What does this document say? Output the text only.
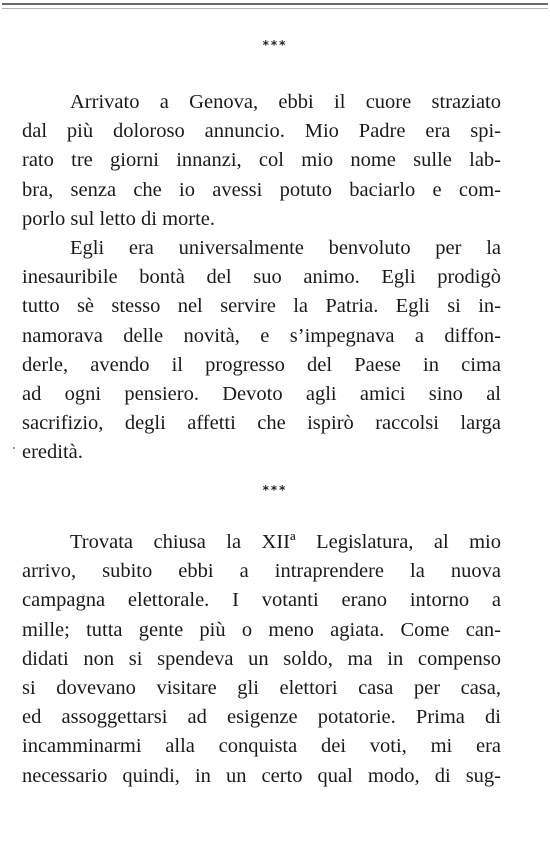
***
Arrivato a Genova, ebbi il cuore straziato
dal più doloroso annuncio. Mio Padre era spi-
rato tre giorni innanzi, col mio nome sulle lab-
bra, senza che io avessi potuto baciarlo e com-
porlo sul letto di morte.
Egli era universalmente benvoluto per la
inesauribile bontà del suo animo. Egli prodigò
tutto sè stesso nel servire la Patria. Egli si in-
namorava delle novità, e s’impegnava a diffon-
derle, avendo il progresso del Paese in cima
ad ogni pensiero. Devoto agli amici sino al
sacrifizio, degli affetti che ispirò raccolsi larga
eredità.
***
Trovata chiusa la XIIª Legislatura, al mio
arrivo, subito ebbi a intraprendere la nuova
campagna elettorale. I votanti erano intorno a
mille; tutta gente più o meno agiata. Come can-
didati non si spendeva un soldo, ma in compenso
si dovevano visitare gli elettori casa per casa,
ed assoggettarsi ad esigenze potatorie. Prima di
incamminarmi alla conquista dei voti, mi era
necessario quindi, in un certo qual modo, di sug-
